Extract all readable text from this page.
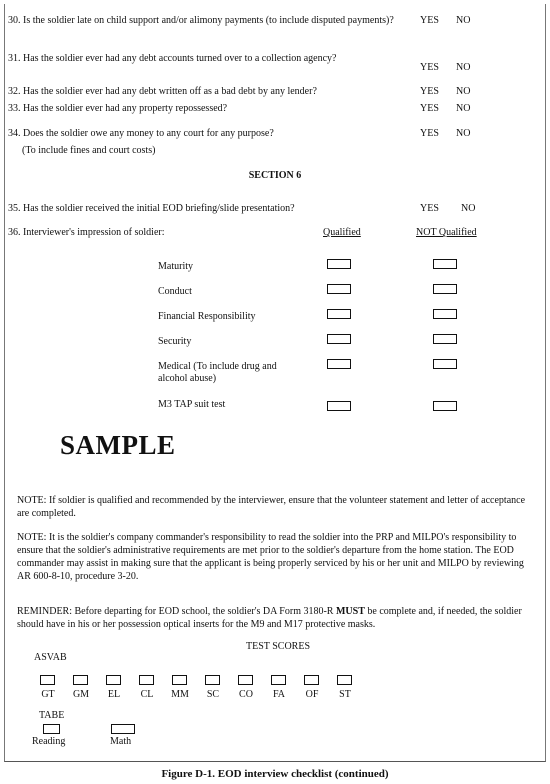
30. Is the soldier late on child support and/or alimony payments (to include disputed payments)?	YES NO
31. Has the soldier ever had any debt accounts turned over to a collection agency?
YES NO
32. Has the soldier ever had any debt written off as a bad debt by any lender?	YES NO
33. Has the soldier ever had any property repossessed?	YES NO
34. Does the soldier owe any money to any court for any purpose?
(To include fines and court costs)
YES NO
SECTION 6
35. Has the soldier received the initial EOD briefing/slide presentation?	YES NO
36. Interviewer's impression of soldier:	Qualified	NOT Qualified
Maturity
Conduct
Financial Responsibility
Security
Medical (To include drug and alcohol abuse)
M3 TAP suit test
SAMPLE
NOTE: If soldier is qualified and recommended by the interviewer, ensure that the volunteer statement and letter of acceptance are completed.
NOTE: It is the soldier's company commander's responsibility to read the soldier into the PRP and MILPO's responsibility to ensure that the soldier's administrative requirements are met prior to the soldier's departure from the home station. The EOD commander may assist in making sure that the applicant is being properly serviced by his or her unit and MILPO by reviewing AR 600-8-10, procedure 3-20.
REMINDER: Before departing for EOD school, the soldier's DA Form 3180-R MUST be complete and, if needed, the soldier should have in his or her possession optical inserts for the M9 and M17 protective masks.
TEST SCORES
ASVAB
GT	GM	EL	CL	MM	SC	CO	FA	OF	ST
TABE
Reading	Math
Figure D-1. EOD interview checklist (continued)
